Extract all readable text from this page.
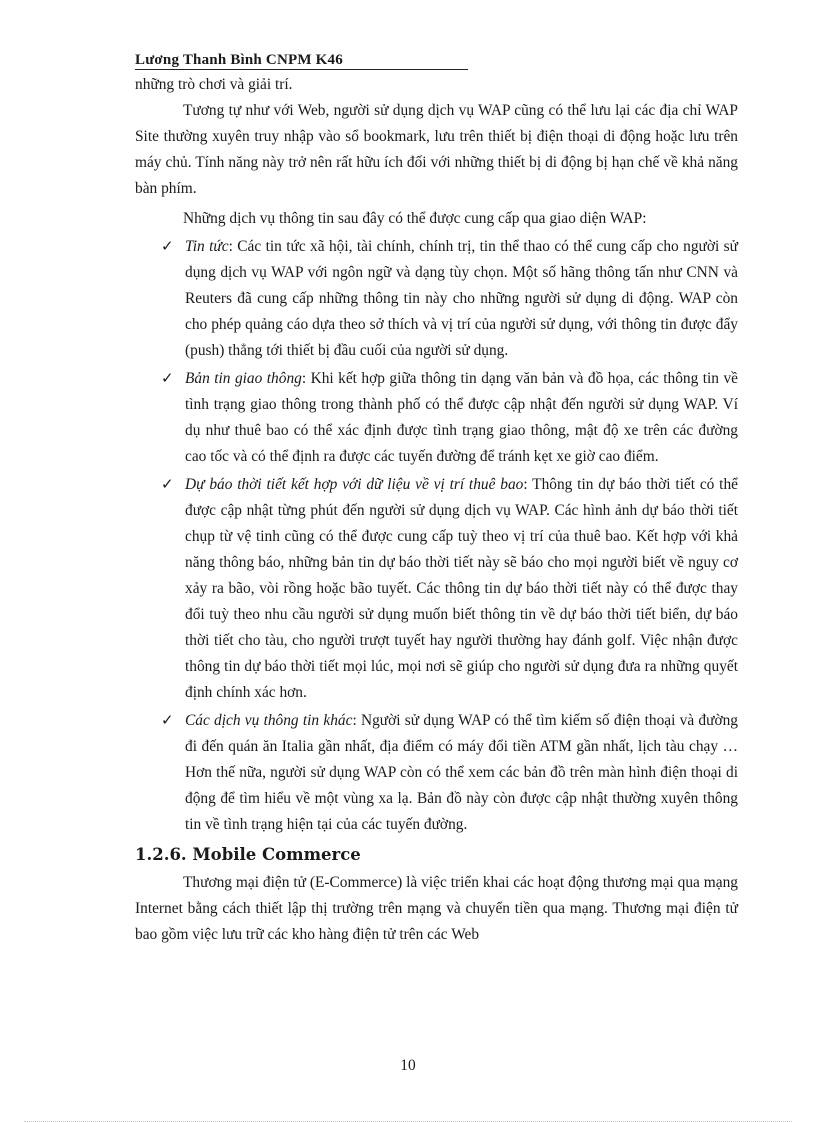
Lương Thanh Bình CNPM K46

những trò chơi và giải trí.

Tương tự như với Web, người sử dụng dịch vụ WAP cũng có thể lưu lại các địa chỉ WAP Site thường xuyên truy nhập vào sổ bookmark, lưu trên thiết bị điện thoại di động hoặc lưu trên máy chủ. Tính năng này trở nên rất hữu ích đối với những thiết bị di động bị hạn chế về khả năng bàn phím.

Những dịch vụ thông tin sau đây có thể được cung cấp qua giao diện WAP:

✓ Tin tức: Các tin tức xã hội, tài chính, chính trị, tin thể thao có thể cung cấp cho người sử dụng dịch vụ WAP với ngôn ngữ và dạng tùy chọn. Một số hãng thông tấn như CNN và Reuters đã cung cấp những thông tin này cho những người sử dụng di động. WAP còn cho phép quảng cáo dựa theo sở thích và vị trí của người sử dụng, với thông tin được đẩy (push) thẳng tới thiết bị đầu cuối của người sử dụng.
✓ Bản tin giao thông: Khi kết hợp giữa thông tin dạng văn bản và đồ họa, các thông tin về tình trạng giao thông trong thành phố có thể được cập nhật đến người sử dụng WAP. Ví dụ như thuê bao có thể xác định được tình trạng giao thông, mật độ xe trên các đường cao tốc và có thể định ra được các tuyến đường để tránh kẹt xe giờ cao điểm.
✓ Dự báo thời tiết kết hợp với dữ liệu về vị trí thuê bao: Thông tin dự báo thời tiết có thể được cập nhật từng phút đến người sử dụng dịch vụ WAP. Các hình ảnh dự báo thời tiết chụp từ vệ tinh cũng có thể được cung cấp tuỳ theo vị trí của thuê bao. Kết hợp với khả năng thông báo, những bản tin dự báo thời tiết này sẽ báo cho mọi người biết về nguy cơ xảy ra bão, vòi rồng hoặc bão tuyết. Các thông tin dự báo thời tiết này có thể được thay đổi tuỳ theo nhu cầu người sử dụng muốn biết thông tin về dự báo thời tiết biển, dự báo thời tiết cho tàu, cho người trượt tuyết hay người thường hay đánh golf. Việc nhận được thông tin dự báo thời tiết mọi lúc, mọi nơi sẽ giúp cho người sử dụng đưa ra những quyết định chính xác hơn.
✓ Các dịch vụ thông tin khác: Người sử dụng WAP có thể tìm kiếm số điện thoại và đường đi đến quán ăn Italia gần nhất, địa điểm có máy đổi tiền ATM gần nhất, lịch tàu chạy … Hơn thế nữa, người sử dụng WAP còn có thể xem các bản đồ trên màn hình điện thoại di động để tìm hiểu về một vùng xa lạ. Bản đồ này còn được cập nhật thường xuyên thông tin về tình trạng hiện tại của các tuyến đường.
1.2.6. Mobile Commerce

Thương mại điện tử (E-Commerce) là việc triển khai các hoạt động thương mại qua mạng Internet bằng cách thiết lập thị trường trên mạng và chuyển tiền qua mạng. Thương mại điện tử bao gồm việc lưu trữ các kho hàng điện tử trên các Web

10
